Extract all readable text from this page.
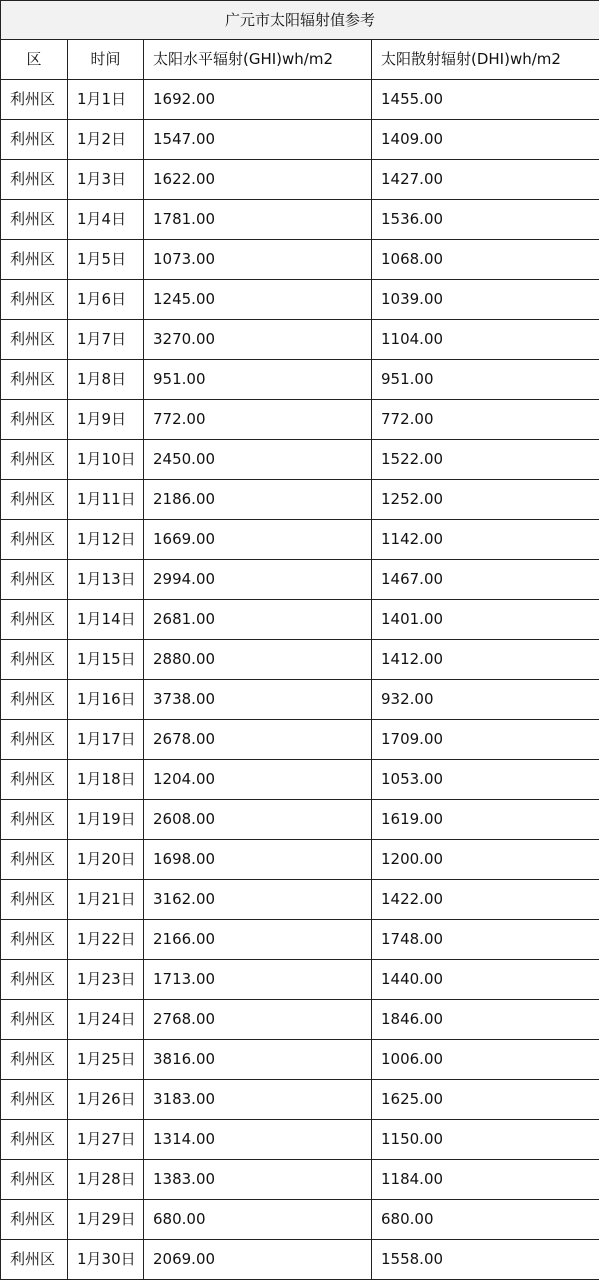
广元市太阳辐射值参考			
区	时间	太阳水平辐射(GHI)wh/m2	太阳散射辐射(DHI)wh/m2
利州区	1月1日	1692.00	1455.00
利州区	1月2日	1547.00	1409.00
利州区	1月3日	1622.00	1427.00
利州区	1月4日	1781.00	1536.00
利州区	1月5日	1073.00	1068.00
利州区	1月6日	1245.00	1039.00
利州区	1月7日	3270.00	1104.00
利州区	1月8日	951.00	951.00
利州区	1月9日	772.00	772.00
利州区	1月10日	2450.00	1522.00
利州区	1月11日	2186.00	1252.00
利州区	1月12日	1669.00	1142.00
利州区	1月13日	2994.00	1467.00
利州区	1月14日	2681.00	1401.00
利州区	1月15日	2880.00	1412.00
利州区	1月16日	3738.00	932.00
利州区	1月17日	2678.00	1709.00
利州区	1月18日	1204.00	1053.00
利州区	1月19日	2608.00	1619.00
利州区	1月20日	1698.00	1200.00
利州区	1月21日	3162.00	1422.00
利州区	1月22日	2166.00	1748.00
利州区	1月23日	1713.00	1440.00
利州区	1月24日	2768.00	1846.00
利州区	1月25日	3816.00	1006.00
利州区	1月26日	3183.00	1625.00
利州区	1月27日	1314.00	1150.00
利州区	1月28日	1383.00	1184.00
利州区	1月29日	680.00	680.00
利州区	1月30日	2069.00	1558.00
